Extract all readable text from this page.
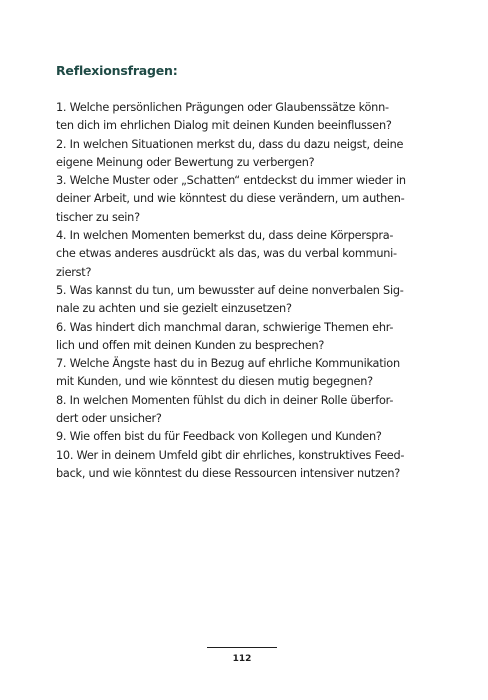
Reflexionsfragen:
1. Welche persönlichen Prägungen oder Glaubenssätze könn-
ten dich im ehrlichen Dialog mit deinen Kunden beeinflussen?
2. In welchen Situationen merkst du, dass du dazu neigst, deine
eigene Meinung oder Bewertung zu verbergen?
3. Welche Muster oder „Schatten“ entdeckst du immer wieder in
deiner Arbeit, und wie könntest du diese verändern, um authen-
tischer zu sein?
4. In welchen Momenten bemerkst du, dass deine Körperspra-
che etwas anderes ausdrückt als das, was du verbal kommuni-
zierst?
5. Was kannst du tun, um bewusster auf deine nonverbalen Sig-
nale zu achten und sie gezielt einzusetzen?
6. Was hindert dich manchmal daran, schwierige Themen ehr-
lich und offen mit deinen Kunden zu besprechen?
7. Welche Ängste hast du in Bezug auf ehrliche Kommunikation
mit Kunden, und wie könntest du diesen mutig begegnen?
8. In welchen Momenten fühlst du dich in deiner Rolle überfor-
dert oder unsicher?
9. Wie offen bist du für Feedback von Kollegen und Kunden?
10. Wer in deinem Umfeld gibt dir ehrliches, konstruktives Feed-
back, und wie könntest du diese Ressourcen intensiver nutzen?
112
